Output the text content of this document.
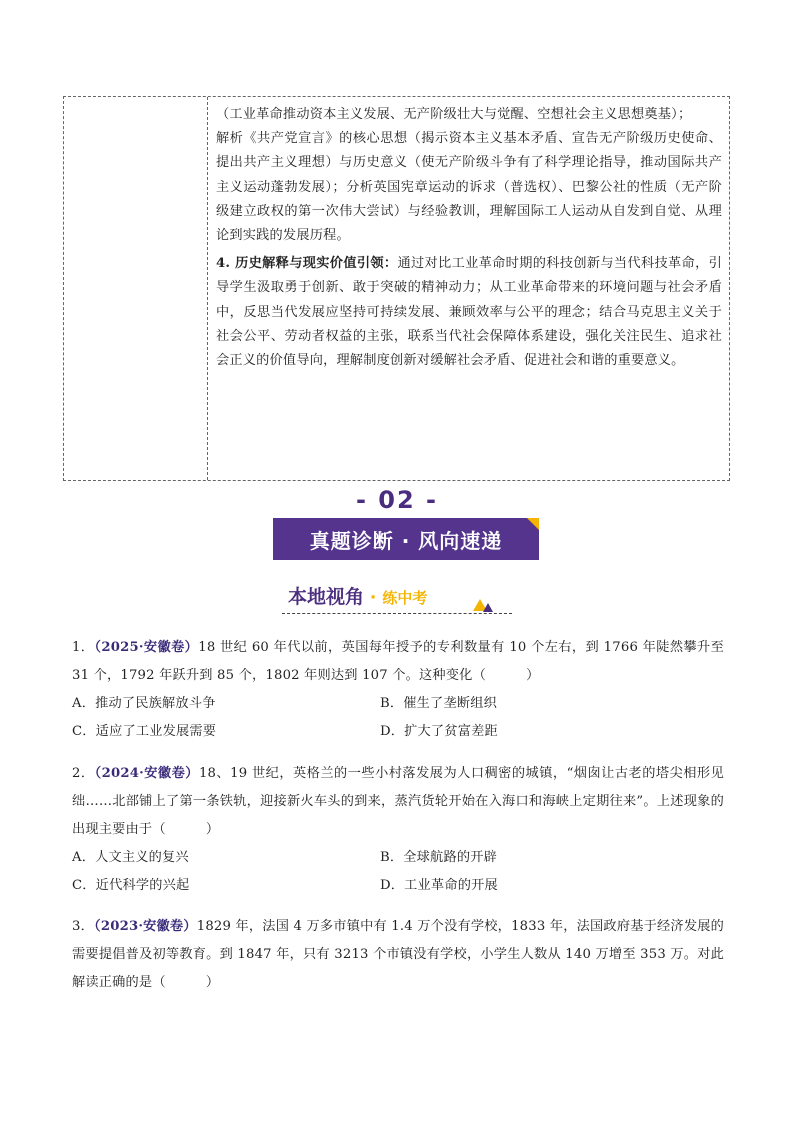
（工业革命推动资本主义发展、无产阶级壮大与觉醒、空想社会主义思想奠基）；

解析《共产党宣言》的核心思想（揭示资本主义基本矛盾、宣告无产阶级历史使命、提出共产主义理想）与历史意义（使无产阶级斗争有了科学理论指导，推动国际共产主义运动蓬勃发展）；分析英国宪章运动的诉求（普选权）、巴黎公社的性质（无产阶级建立政权的第一次伟大尝试）与经验教训，理解国际工人运动从自发到自觉、从理论到实践的发展历程。

4. 历史解释与现实价值引领：通过对比工业革命时期的科技创新与当代科技革命，引导学生汲取勇于创新、敢于突破的精神动力；从工业革命带来的环境问题与社会矛盾中，反思当代发展应坚持可持续发展、兼顾效率与公平的理念；结合马克思主义关于社会公平、劳动者权益的主张，联系当代社会保障体系建设，强化关注民生、追求社会正义的价值导向，理解制度创新对缓解社会矛盾、促进社会和谐的重要意义。

- 02 -
真题诊断 · 风向速递
本地视角 · 练中考

1．（2025·安徽卷）18 世纪 60 年代以前，英国每年授予的专利数量有 10 个左右，到 1766 年陡然攀升至 31 个，1792 年跃升到 85 个，1802 年则达到 107 个。这种变化（　　　）

A．推动了民族解放斗争	B．催生了垄断组织
C．适应了工业发展需要	D．扩大了贫富差距

2．（2024·安徽卷）18、19 世纪，英格兰的一些小村落发展为人口稠密的城镇，“烟囱让古老的塔尖相形见绌……北部铺上了第一条铁轨，迎接新火车头的到来，蒸汽货轮开始在入海口和海峡上定期往来”。上述现象的出现主要由于（　　　）

A．人文主义的复兴	B．全球航路的开辟
C．近代科学的兴起	D．工业革命的开展

3．（2023·安徽卷）1829 年，法国 4 万多市镇中有 1.4 万个没有学校，1833 年，法国政府基于经济发展的需要提倡普及初等教育。到 1847 年，只有 3213 个市镇没有学校，小学生人数从 140 万增至 353 万。对此解读正确的是（　　　）
